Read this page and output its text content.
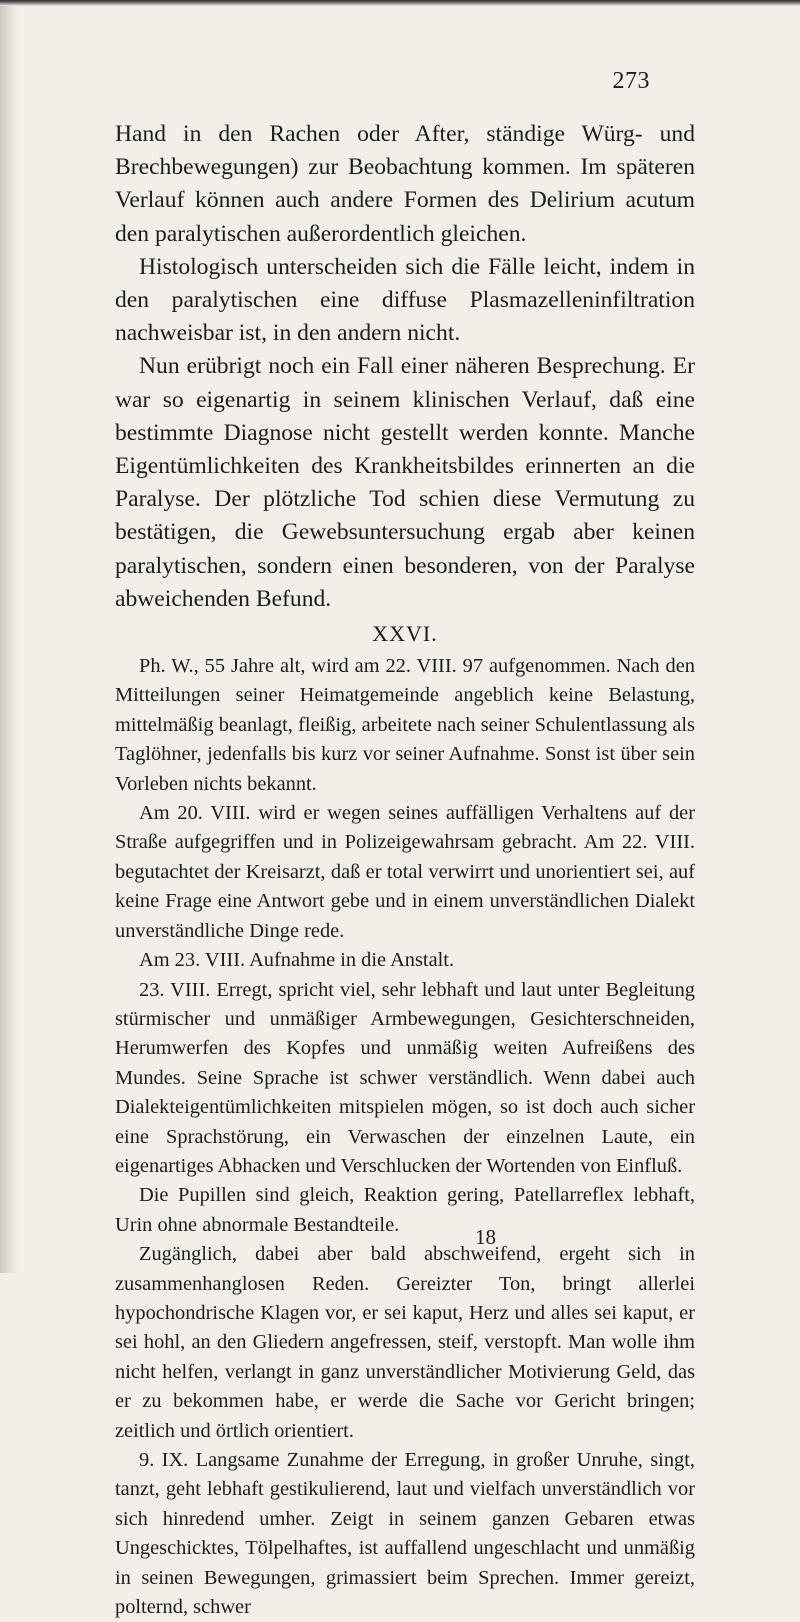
273

Hand in den Rachen oder After, ständige Würg- und Brechbewegungen) zur Beobachtung kommen. Im späteren Verlauf können auch andere Formen des Delirium acutum den paralytischen außerordentlich gleichen.

Histologisch unterscheiden sich die Fälle leicht, indem in den paralytischen eine diffuse Plasmazelleninfiltration nachweisbar ist, in den andern nicht.

Nun erübrigt noch ein Fall einer näheren Besprechung. Er war so eigenartig in seinem klinischen Verlauf, daß eine bestimmte Diagnose nicht gestellt werden konnte. Manche Eigentümlichkeiten des Krankheitsbildes erinnerten an die Paralyse. Der plötzliche Tod schien diese Vermutung zu bestätigen, die Gewebsuntersuchung ergab aber keinen paralytischen, sondern einen besonderen, von der Paralyse abweichenden Befund.

XXVI.

Ph. W., 55 Jahre alt, wird am 22. VIII. 97 aufgenommen. Nach den Mitteilungen seiner Heimatgemeinde angeblich keine Belastung, mittelmäßig beanlagt, fleißig, arbeitete nach seiner Schulentlassung als Taglöhner, jedenfalls bis kurz vor seiner Aufnahme. Sonst ist über sein Vorleben nichts bekannt.

Am 20. VIII. wird er wegen seines auffälligen Verhaltens auf der Straße aufgegriffen und in Polizeigewahrsam gebracht. Am 22. VIII. begutachtet der Kreisarzt, daß er total verwirrt und unorientiert sei, auf keine Frage eine Antwort gebe und in einem unverständlichen Dialekt unverständliche Dinge rede.

Am 23. VIII. Aufnahme in die Anstalt.

23. VIII. Erregt, spricht viel, sehr lebhaft und laut unter Begleitung stürmischer und unmäßiger Armbewegungen, Gesichterschneiden, Herumwerfen des Kopfes und unmäßig weiten Aufreißens des Mundes. Seine Sprache ist schwer verständlich. Wenn dabei auch Dialekteigentümlichkeiten mitspielen mögen, so ist doch auch sicher eine Sprachstörung, ein Verwaschen der einzelnen Laute, ein eigenartiges Abhacken und Verschlucken der Wortenden von Einfluß.

Die Pupillen sind gleich, Reaktion gering, Patellarreflex lebhaft, Urin ohne abnormale Bestandteile.

Zugänglich, dabei aber bald abschweifend, ergeht sich in zusammenhanglosen Reden. Gereizter Ton, bringt allerlei hypochondrische Klagen vor, er sei kaput, Herz und alles sei kaput, er sei hohl, an den Gliedern angefressen, steif, verstopft. Man wolle ihm nicht helfen, verlangt in ganz unverständlicher Motivierung Geld, das er zu bekommen habe, er werde die Sache vor Gericht bringen; zeitlich und örtlich orientiert.

9. IX. Langsame Zunahme der Erregung, in großer Unruhe, singt, tanzt, geht lebhaft gestikulierend, laut und vielfach unverständlich vor sich hinredend umher. Zeigt in seinem ganzen Gebaren etwas Ungeschicktes, Tölpelhaftes, ist auffallend ungeschlacht und unmäßig in seinen Bewegungen, grimassiert beim Sprechen. Immer gereizt, polternd, schwer

18
